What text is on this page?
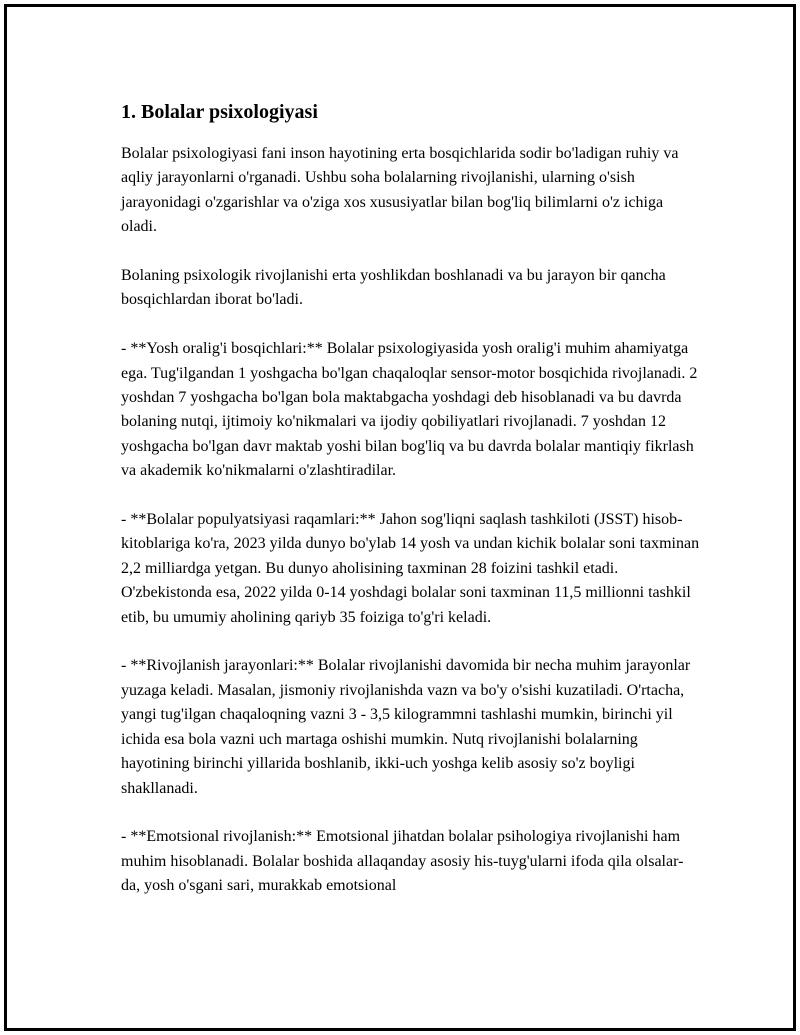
1. Bolalar psixologiyasi

Bolalar psixologiyasi fani inson hayotining erta bosqichlarida sodir bo'ladigan ruhiy va aqliy jarayonlarni o'rganadi. Ushbu soha bolalarning rivojlanishi, ularning o'sish jarayonidagi o'zgarishlar va o'ziga xos xususiyatlar bilan bog'liq bilimlarni o'z ichiga oladi.

Bolaning psixologik rivojlanishi erta yoshlikdan boshlanadi va bu jarayon bir qancha bosqichlardan iborat bo'ladi.

- **Yosh oralig'i bosqichlari:** Bolalar psixologiyasida yosh oralig'i muhim ahamiyatga ega. Tug'ilgandan 1 yoshgacha bo'lgan chaqaloqlar sensor-motor bosqichida rivojlanadi. 2 yoshdan 7 yoshgacha bo'lgan bola maktabgacha yoshdagi deb hisoblanadi va bu davrda bolaning nutqi, ijtimoiy ko'nikmalari va ijodiy qobiliyatlari rivojlanadi. 7 yoshdan 12 yoshgacha bo'lgan davr maktab yoshi bilan bog'liq va bu davrda bolalar mantiqiy fikrlash va akademik ko'nikmalarni o'zlashtiradilar.

- **Bolalar populyatsiyasi raqamlari:** Jahon sog'liqni saqlash tashkiloti (JSST) hisob-kitoblariga ko'ra, 2023 yilda dunyo bo'ylab 14 yosh va undan kichik bolalar soni taxminan 2,2 milliardga yetgan. Bu dunyo aholisining taxminan 28 foizini tashkil etadi. O'zbekistonda esa, 2022 yilda 0-14 yoshdagi bolalar soni taxminan 11,5 millionni tashkil etib, bu umumiy aholining qariyb 35 foiziga to'g'ri keladi.

- **Rivojlanish jarayonlari:** Bolalar rivojlanishi davomida bir necha muhim jarayonlar yuzaga keladi. Masalan, jismoniy rivojlanishda vazn va bo'y o'sishi kuzatiladi. O'rtacha, yangi tug'ilgan chaqaloqning vazni 3 - 3,5 kilogrammni tashlashi mumkin, birinchi yil ichida esa bola vazni uch martaga oshishi mumkin. Nutq rivojlanishi bolalarning hayotining birinchi yillarida boshlanib, ikki-uch yoshga kelib asosiy so'z boyligi shakllanadi.

- **Emotsional rivojlanish:** Emotsional jihatdan bolalar psihologiya rivojlanishi ham muhim hisoblanadi. Bolalar boshida allaqanday asosiy his-tuyg'ularni ifoda qila olsalar-da, yosh o'sgani sari, murakkab emotsional
